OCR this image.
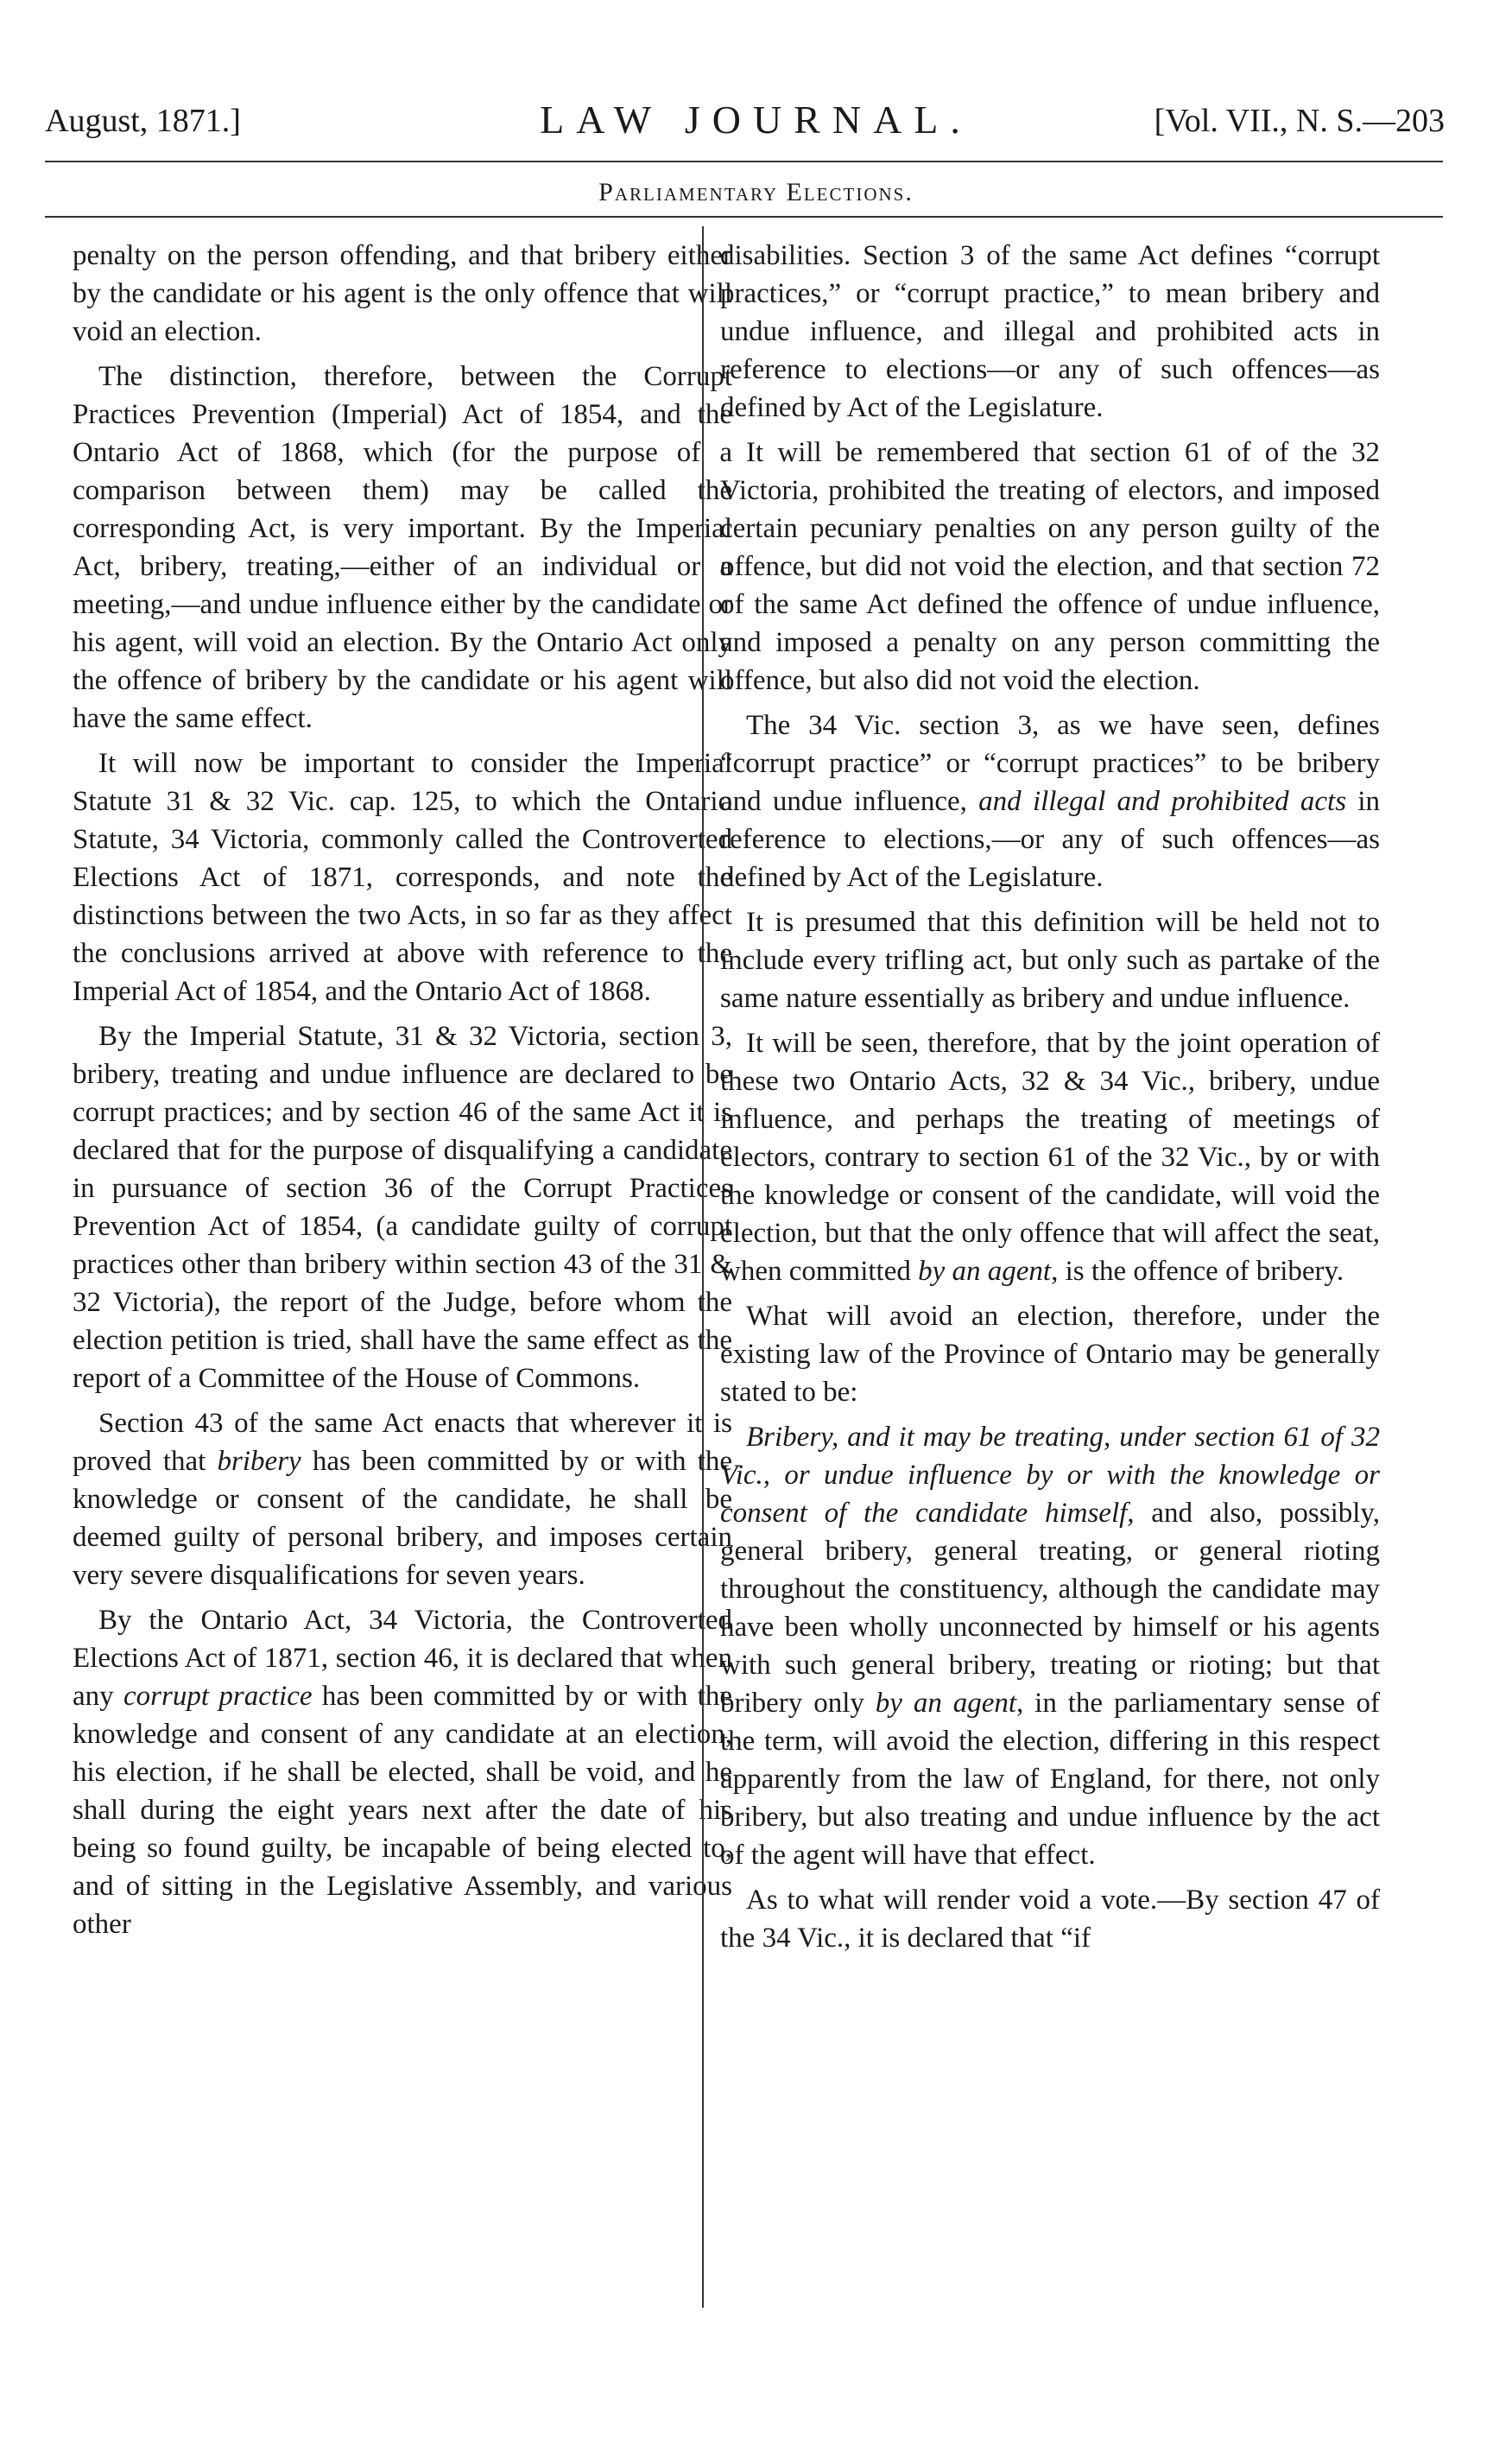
August, 1871.]	LAW JOURNAL.	[Vol. VII., N. S.—203
Parliamentary Elections.

penalty on the person offending, and that bribery either by the candidate or his agent is the only offence that will void an election.

The distinction, therefore, between the Corrupt Practices Prevention (Imperial) Act of 1854, and the Ontario Act of 1868, which (for the purpose of a comparison between them) may be called the corresponding Act, is very important. By the Imperial Act, bribery, treating,—either of an individual or a meeting,—and undue influence either by the candidate or his agent, will void an election. By the Ontario Act only the offence of bribery by the candidate or his agent will have the same effect.

It will now be important to consider the Imperial Statute 31 & 32 Vic. cap. 125, to which the Ontario Statute, 34 Victoria, commonly called the Controverted Elections Act of 1871, corresponds, and note the distinctions between the two Acts, in so far as they affect the conclusions arrived at above with reference to the Imperial Act of 1854, and the Ontario Act of 1868.

By the Imperial Statute, 31 & 32 Victoria, section 3, bribery, treating and undue influence are declared to be corrupt practices; and by section 46 of the same Act it is declared that for the purpose of disqualifying a candidate in pursuance of section 36 of the Corrupt Practices Prevention Act of 1854, (a candidate guilty of corrupt practices other than bribery within section 43 of the 31 & 32 Victoria), the report of the Judge, before whom the election petition is tried, shall have the same effect as the report of a Committee of the House of Commons.

Section 43 of the same Act enacts that wherever it is proved that bribery has been committed by or with the knowledge or consent of the candidate, he shall be deemed guilty of personal bribery, and imposes certain very severe disqualifications for seven years.

By the Ontario Act, 34 Victoria, the Controverted Elections Act of 1871, section 46, it is declared that when any corrupt practice has been committed by or with the knowledge and consent of any candidate at an election, his election, if he shall be elected, shall be void, and he shall during the eight years next after the date of his being so found guilty, be incapable of being elected to, and of sitting in the Legislative Assembly, and various other

disabilities. Section 3 of the same Act defines “corrupt practices,” or “corrupt practice,” to mean bribery and undue influence, and illegal and prohibited acts in reference to elections—or any of such offences—as defined by Act of the Legislature.

It will be remembered that section 61 of of the 32 Victoria, prohibited the treating of electors, and imposed certain pecuniary penalties on any person guilty of the offence, but did not void the election, and that section 72 of the same Act defined the offence of undue influence, and imposed a penalty on any person committing the offence, but also did not void the election.

The 34 Vic. section 3, as we have seen, defines “corrupt practice” or “corrupt practices” to be bribery and undue influence, and illegal and prohibited acts in reference to elections,—or any of such offences—as defined by Act of the Legislature.

It is presumed that this definition will be held not to include every trifling act, but only such as partake of the same nature essentially as bribery and undue influence.

It will be seen, therefore, that by the joint operation of these two Ontario Acts, 32 & 34 Vic., bribery, undue influence, and perhaps the treating of meetings of electors, contrary to section 61 of the 32 Vic., by or with the knowledge or consent of the candidate, will void the election, but that the only offence that will affect the seat, when committed by an agent, is the offence of bribery.

What will avoid an election, therefore, under the existing law of the Province of Ontario may be generally stated to be:

Bribery, and it may be treating, under section 61 of 32 Vic., or undue influence by or with the knowledge or consent of the candidate himself, and also, possibly, general bribery, general treating, or general rioting throughout the constituency, although the candidate may have been wholly unconnected by himself or his agents with such general bribery, treating or rioting; but that bribery only by an agent, in the parliamentary sense of the term, will avoid the election, differing in this respect apparently from the law of England, for there, not only bribery, but also treating and undue influence by the act of the agent will have that effect.

As to what will render void a vote.—By section 47 of the 34 Vic., it is declared that “if
